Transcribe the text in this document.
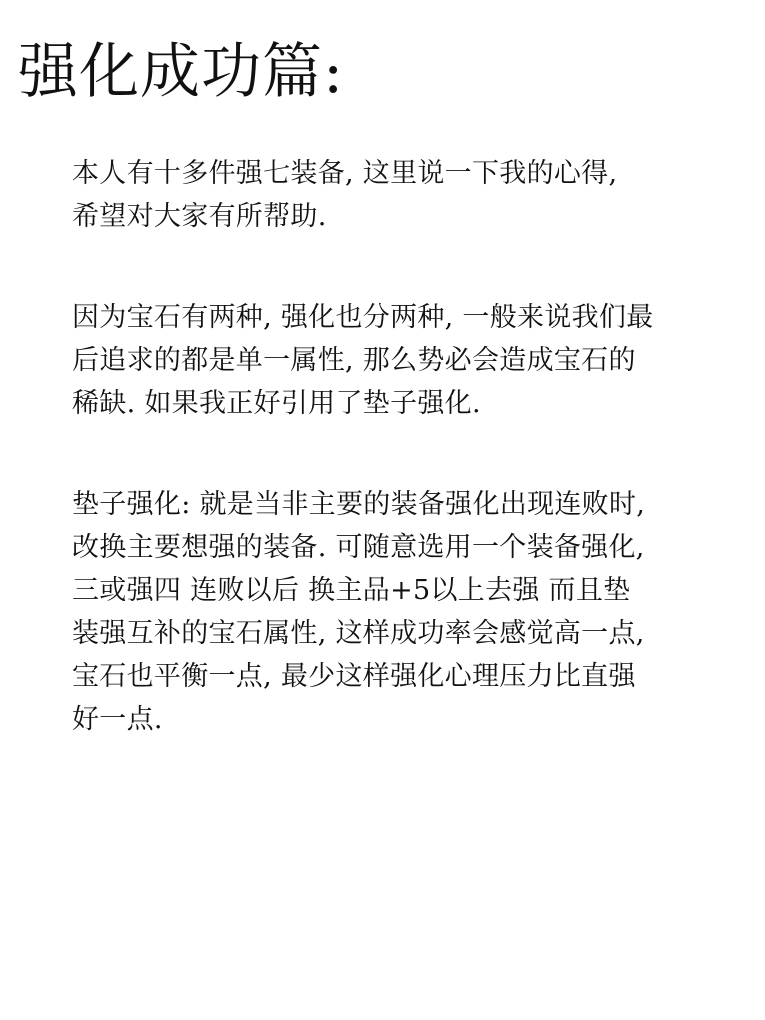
强化成功篇:

本人有十多件强七装备, 这里说一下我的心得,
希望对大家有所帮助.

因为宝石有两种, 强化也分两种, 一般来说我们最
后追求的都是单一属性, 那么势必会造成宝石的
稀缺. 如果我正好引用了垫子强化.

垫子强化: 就是当非主要的装备强化出现连败时,
改换主要想强的装备. 可随意选用一个装备强化,
三或强四 连败以后 换主品+5以上去强 而且垫
装强互补的宝石属性, 这样成功率会感觉高一点,
宝石也平衡一点, 最少这样强化心理压力比直强
好一点.
